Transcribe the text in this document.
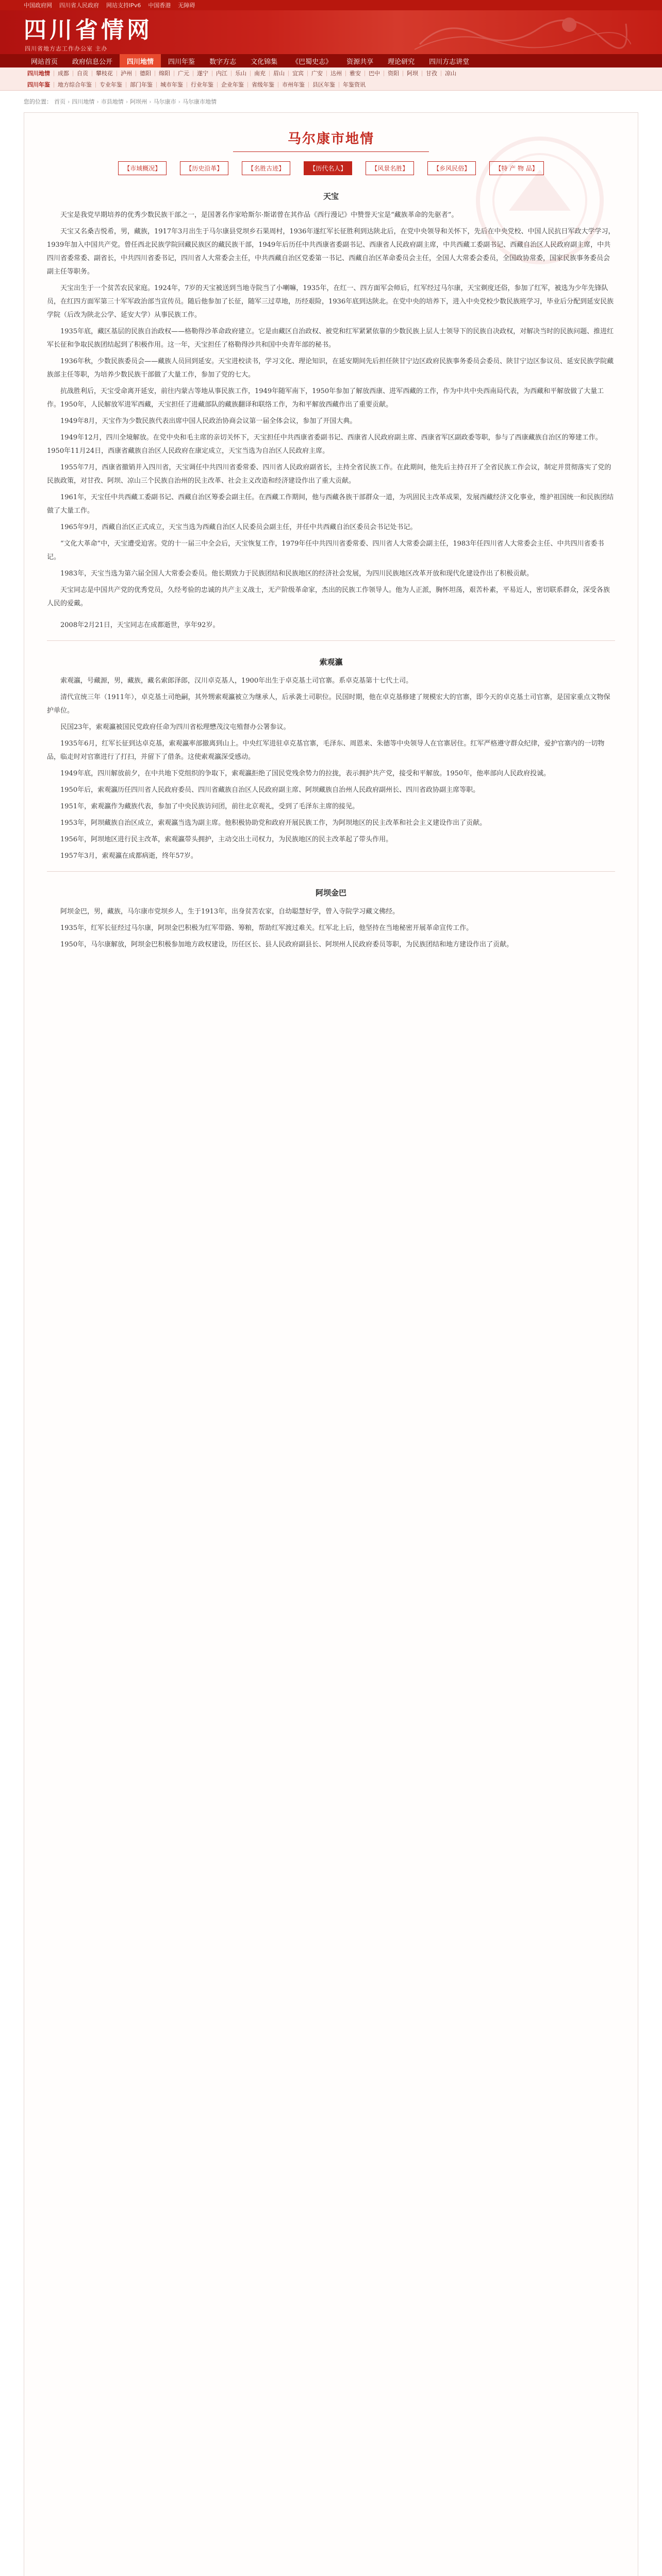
中国政府网 四川省人民政府 网站支持IPv6 中国香港 无障碍
四川省情网
四川省地方志工作办公室 主办
网站首页	政府信息公开	四川地情	四川年鉴	数字方志	文化锦集	《巴蜀史志》	资源共享	理论研究	四川方志讲堂
四川地情	成都	自贡	攀枝花	泸州	德阳	绵阳	广元	遂宁	内江	乐山	南充	眉山	宜宾	广安	达州	雅安	巴中	资阳	阿坝	甘孜	凉山
四川年鉴	地方综合年鉴	专业年鉴	部门年鉴	城市年鉴	行业年鉴	企业年鉴	省级年鉴	市州年鉴	县区年鉴	年鉴资讯
您的位置： 首页 › 四川地情 › 市县地情 › 阿坝州 › 马尔康市 › 马尔康市地情
马尔康市地情
【市域概况】	【历史沿革】	【名胜古迹】	【历代名人】	【风景名胜】	【乡风民俗】	【特 产 物 品】
天宝

天宝是我党早期培养的优秀少数民族干部之一，是国著名作家哈斯尔·斯诺曾在其作品《西行漫记》中赞誉天宝是“藏族革命的先驱者”。

天宝又名桑吉悦希，男，藏族，1917年3月出生于马尔康县党坝乡石果周村，1936年遂红军长征胜利到达陕北后，在党中央领导和关怀下，先后在中央党校、中国人民抗日军政大学学习，1939年加入中国共产党。曾任西北民族学院回藏民族区的藏民族干部，1949年后历任中共西康省委副书记、西康省人民政府副主席，中共西藏工委副书记、西藏自治区人民政府副主席，中共四川省委常委、副省长，中共四川省委书记，四川省人大常委会主任，中共西藏自治区党委第一书记、西藏自治区革命委员会主任，全国人大常委会委员，全国政协常委，国家民族事务委员会副主任等职务。

天宝出生于一个贫苦农民家庭。1924年，7岁的天宝被送到当地寺院当了小喇嘛，1935年，在红一、四方面军会师后，红军经过马尔康，天宝剃度还俗，参加了红军，被选为少年先锋队员，在红四方面军第三十军军政治部当宣传员。随后他参加了长征，随军三过草地，历经艰险，1936年底到达陕北。在党中央的培养下，进入中央党校少数民族班学习，毕业后分配到延安民族学院（后改为陕北公学、延安大学）从事民族工作。

1935年底，藏区基层的民族自治政权——格勒得沙革命政府建立。它是由藏区自治政权、被党和红军紧紧依靠的少数民族上层人士领导下的民族自决政权，对解决当时的民族问题、推进红军长征和争取民族团结起到了积极作用。这一年，天宝担任了格勒得沙共和国中央青年部的秘书。

1936年秋，少数民族委员会——藏族人员回到延安。天宝进校读书，学习文化、理论知识，在延安期间先后担任陕甘宁边区政府民族事务委员会委员、陕甘宁边区参议员、延安民族学院藏族部主任等职，为培养少数民族干部做了大量工作，参加了党的七大。

抗战胜利后，天宝受命离开延安，前往内蒙古等地从事民族工作，1949年随军南下，1950年参加了解放西康、进军西藏的工作，作为中共中央西南局代表，为西藏和平解放做了大量工作。1950年，人民解放军进军西藏，天宝担任了进藏部队的藏族翻译和联络工作，为和平解放西藏作出了重要贡献。

1949年8月，天宝作为少数民族代表出席中国人民政治协商会议第一届全体会议，参加了开国大典。

1949年12月，四川全境解放。在党中央和毛主席的亲切关怀下，天宝担任中共西康省委副书记、西康省人民政府副主席、西康省军区副政委等职，参与了西康藏族自治区的筹建工作。1950年11月24日，西康省藏族自治区人民政府在康定成立，天宝当选为自治区人民政府主席。

1955年7月，西康省撤销并入四川省，天宝调任中共四川省委常委、四川省人民政府副省长，主持全省民族工作。在此期间，他先后主持召开了全省民族工作会议，制定并贯彻落实了党的民族政策，对甘孜、阿坝、凉山三个民族自治州的民主改革、社会主义改造和经济建设作出了重大贡献。

1961年，天宝任中共西藏工委副书记、西藏自治区筹委会副主任。在西藏工作期间，他与西藏各族干部群众一道，为巩固民主改革成果，发展西藏经济文化事业，维护祖国统一和民族团结做了大量工作。

1965年9月，西藏自治区正式成立，天宝当选为西藏自治区人民委员会副主任，并任中共西藏自治区委员会书记处书记。

“文化大革命”中，天宝遭受迫害。党的十一届三中全会后，天宝恢复工作，1979年任中共四川省委常委、四川省人大常委会副主任，1983年任四川省人大常委会主任、中共四川省委书记。

1983年，天宝当选为第六届全国人大常委会委员。他长期致力于民族团结和民族地区的经济社会发展，为四川民族地区改革开放和现代化建设作出了积极贡献。

天宝同志是中国共产党的优秀党员，久经考验的忠诚的共产主义战士，无产阶级革命家，杰出的民族工作领导人。他为人正派，胸怀坦荡，艰苦朴素，平易近人，密切联系群众，深受各族人民的爱戴。

2008年2月21日，天宝同志在成都逝世，享年92岁。

索观瀛

索观瀛，号藏源，男，藏族，藏名索郎泽郎，汉川卓克基人，1900年出生于卓克基土司官寨。系卓克基第十七代土司。

清代宣统三年（1911年），卓克基土司绝嗣，其外甥索观瀛被立为继承人，后承袭土司职位。民国时期，他在卓克基修建了规模宏大的官寨，即今天的卓克基土司官寨，是国家重点文物保护单位。

民国23年，索观瀛被国民党政府任命为四川省松理懋茂汶屯殖督办公署参议。

1935年6月，红军长征到达卓克基，索观瀛率部撤离到山上。中央红军进驻卓克基官寨，毛泽东、周恩来、朱德等中央领导人在官寨居住。红军严格遵守群众纪律，爱护官寨内的一切物品，临走时对官寨进行了打扫，并留下了借条。这使索观瀛深受感动。

1949年底，四川解放前夕，在中共地下党组织的争取下，索观瀛拒绝了国民党残余势力的拉拢，表示拥护共产党，接受和平解放。1950年，他率部向人民政府投诚。

1950年后，索观瀛历任四川省人民政府委员、四川省藏族自治区人民政府副主席、阿坝藏族自治州人民政府副州长、四川省政协副主席等职。

1951年，索观瀛作为藏族代表，参加了中央民族访问团，前往北京观礼，受到了毛泽东主席的接见。

1953年，阿坝藏族自治区成立，索观瀛当选为副主席。他积极协助党和政府开展民族工作，为阿坝地区的民主改革和社会主义建设作出了贡献。

1956年，阿坝地区进行民主改革，索观瀛带头拥护，主动交出土司权力，为民族地区的民主改革起了带头作用。

1957年3月，索观瀛在成都病逝，终年57岁。

阿坝金巴

阿坝金巴，男，藏族，马尔康市党坝乡人，生于1913年，出身贫苦农家，自幼聪慧好学，曾入寺院学习藏文佛经。

1935年，红军长征经过马尔康，阿坝金巴积极为红军带路、筹粮，帮助红军渡过难关。红军北上后，他坚持在当地秘密开展革命宣传工作。

1950年，马尔康解放，阿坝金巴积极参加地方政权建设，历任区长、县人民政府副县长、阿坝州人民政府委员等职，为民族团结和地方建设作出了贡献。
